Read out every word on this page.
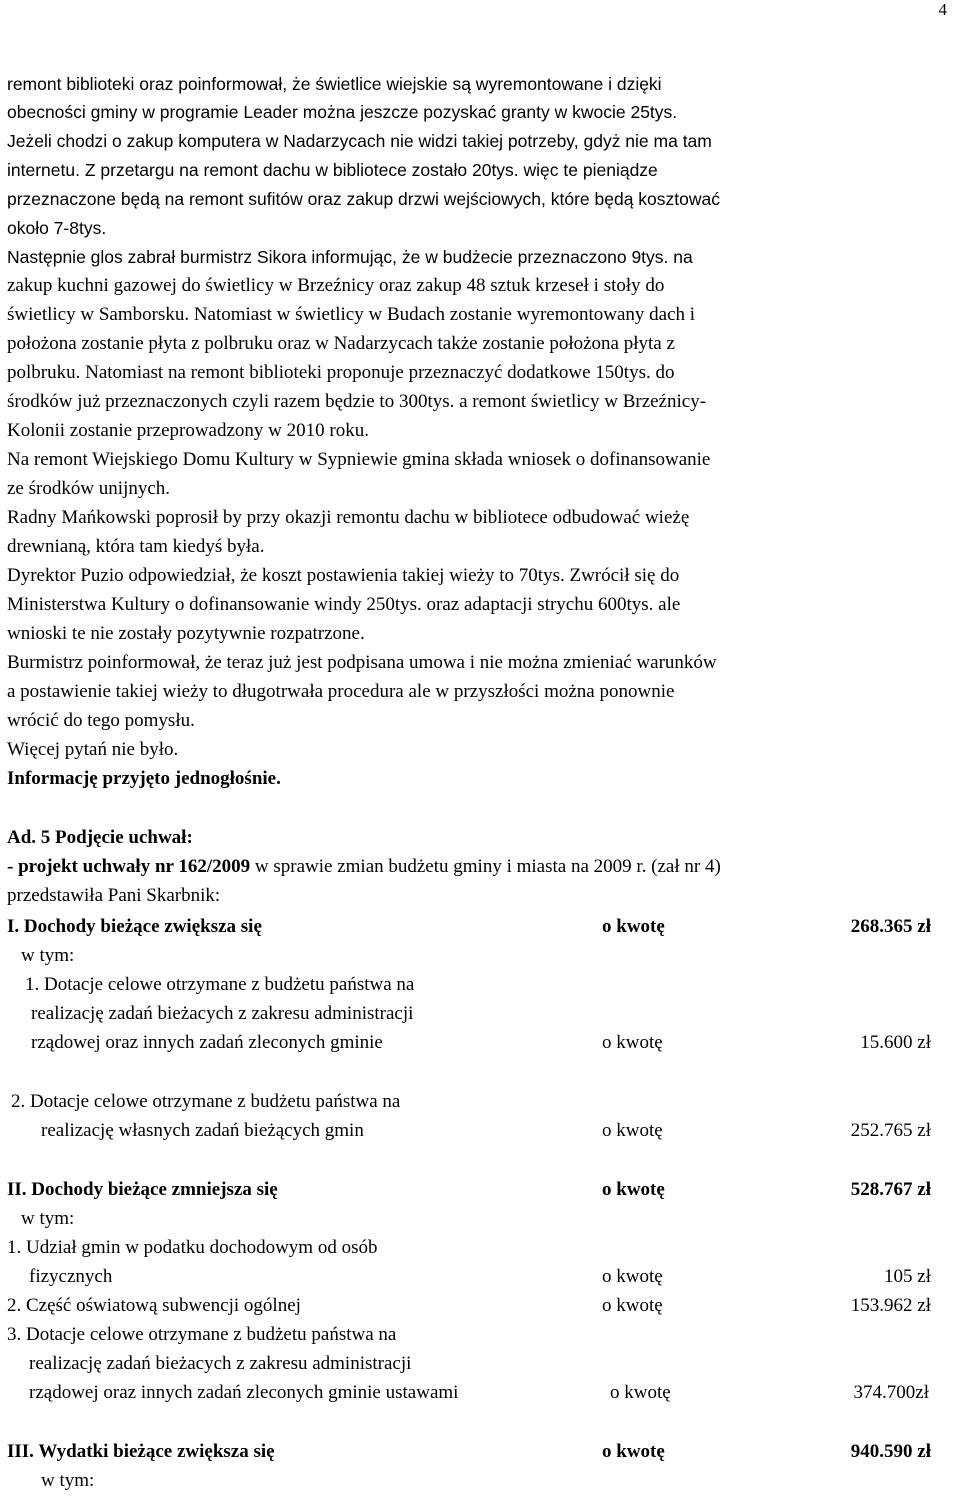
4
remont biblioteki oraz poinformował, że świetlice wiejskie są wyremontowane i dzięki
obecności gminy w programie Leader można jeszcze pozyskać granty w kwocie 25tys.
Jeżeli chodzi o zakup komputera w Nadarzycach nie widzi takiej potrzeby, gdyż nie ma tam
internetu. Z przetargu na remont dachu w bibliotece zostało 20tys. więc te pieniądze
przeznaczone będą na remont sufitów oraz zakup drzwi wejściowych, które będą kosztować
około 7-8tys.
Następnie glos zabrał burmistrz Sikora informując, że w budżecie przeznaczono 9tys. na
zakup kuchni gazowej do świetlicy w Brzeźnicy oraz zakup 48 sztuk krzeseł i stoły do
świetlicy w Samborsku. Natomiast w świetlicy w Budach zostanie wyremontowany dach i
położona zostanie płyta z polbruku oraz w Nadarzycach także zostanie położona płyta z
polbruku. Natomiast na remont biblioteki proponuje przeznaczyć dodatkowe 150tys. do
środków już przeznaczonych czyli razem będzie to 300tys. a remont świetlicy w Brzeźnicy-
Kolonii zostanie przeprowadzony w 2010 roku.
Na remont Wiejskiego Domu Kultury w Sypniewie gmina składa wniosek o dofinansowanie
ze środków unijnych.
Radny Mańkowski poprosił by przy okazji remontu dachu w bibliotece odbudować wieżę
drewnianą, która tam kiedyś była.
Dyrektor Puzio odpowiedział, że koszt postawienia takiej wieży to 70tys. Zwrócił się do
Ministerstwa Kultury o dofinansowanie windy 250tys. oraz adaptacji strychu 600tys. ale
wnioski te nie zostały pozytywnie rozpatrzone.
Burmistrz poinformował, że teraz już jest podpisana umowa i nie można zmieniać warunków
a postawienie takiej wieży to długotrwała procedura ale w przyszłości można ponownie
wrócić do tego pomysłu.
Więcej pytań nie było.
Informację przyjęto jednogłośnie.
Ad. 5 Podjęcie uchwał:
- projekt uchwały nr 162/2009 w sprawie zmian budżetu gminy i miasta na 2009 r. (zał nr 4)
przedstawiła Pani Skarbnik:
I. Dochody bieżące zwiększa się	o kwotę	268.365 zł
w tym:
1. Dotacje celowe otrzymane z budżetu państwa na
realizację zadań bieżacych z zakresu administracji
rządowej oraz innych zadań zleconych gminie	o kwotę	15.600 zł
2. Dotacje celowe otrzymane z budżetu państwa na
realizację własnych zadań bieżących gmin	o kwotę	252.765 zł
II. Dochody bieżące zmniejsza się	o kwotę	528.767 zł
w tym:
1. Udział gmin w podatku dochodowym od osób
fizycznych	o kwotę	105 zł
2. Część oświatową subwencji ogólnej	o kwotę	153.962 zł
3. Dotacje celowe otrzymane z budżetu państwa na
realizację zadań bieżacych z zakresu administracji
rządowej oraz innych zadań zleconych gminie ustawami	o kwotę	374.700zł
III. Wydatki bieżące zwiększa się	o kwotę	940.590 zł
w tym:
